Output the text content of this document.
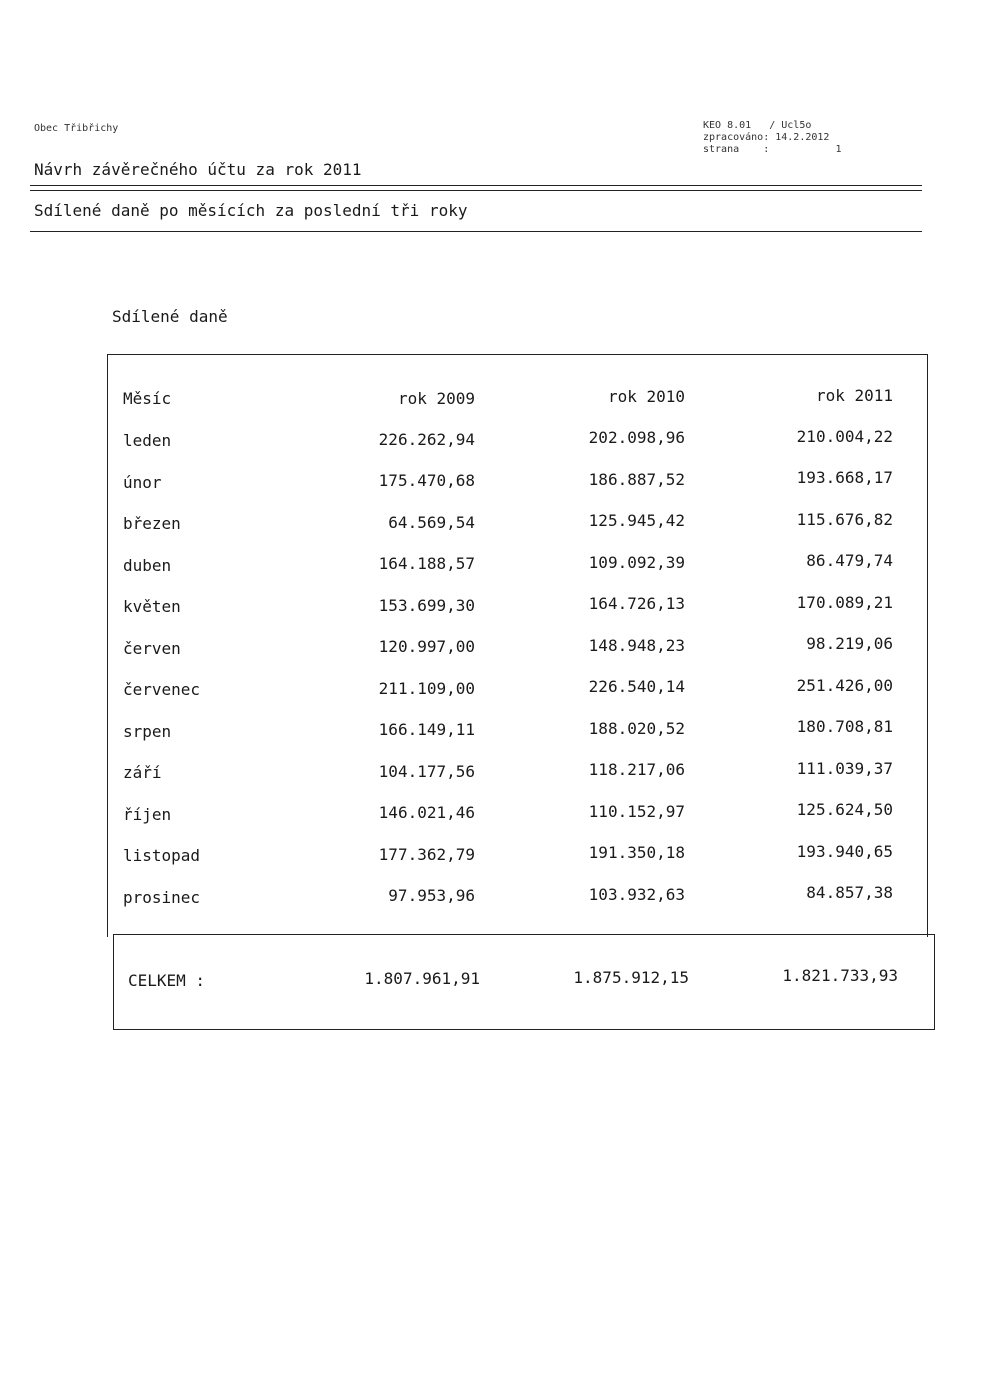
Obec Třibřichy	KEO 8.01   / Ucl5o
zpracováno: 14.2.2012
strana    :           1
Návrh závěrečného účtu za rok 2011
Sdílené daně po měsících za poslední tři roky
Sdílené daně
Měsíc	rok 2009	rok 2010	rok 2011
leden	226.262,94	202.098,96	210.004,22
únor	175.470,68	186.887,52	193.668,17
březen	64.569,54	125.945,42	115.676,82
duben	164.188,57	109.092,39	86.479,74
květen	153.699,30	164.726,13	170.089,21
červen	120.997,00	148.948,23	98.219,06
červenec	211.109,00	226.540,14	251.426,00
srpen	166.149,11	188.020,52	180.708,81
září	104.177,56	118.217,06	111.039,37
říjen	146.021,46	110.152,97	125.624,50
listopad	177.362,79	191.350,18	193.940,65
prosinec	97.953,96	103.932,63	84.857,38
CELKEM :	1.807.961,91	1.875.912,15	1.821.733,93
